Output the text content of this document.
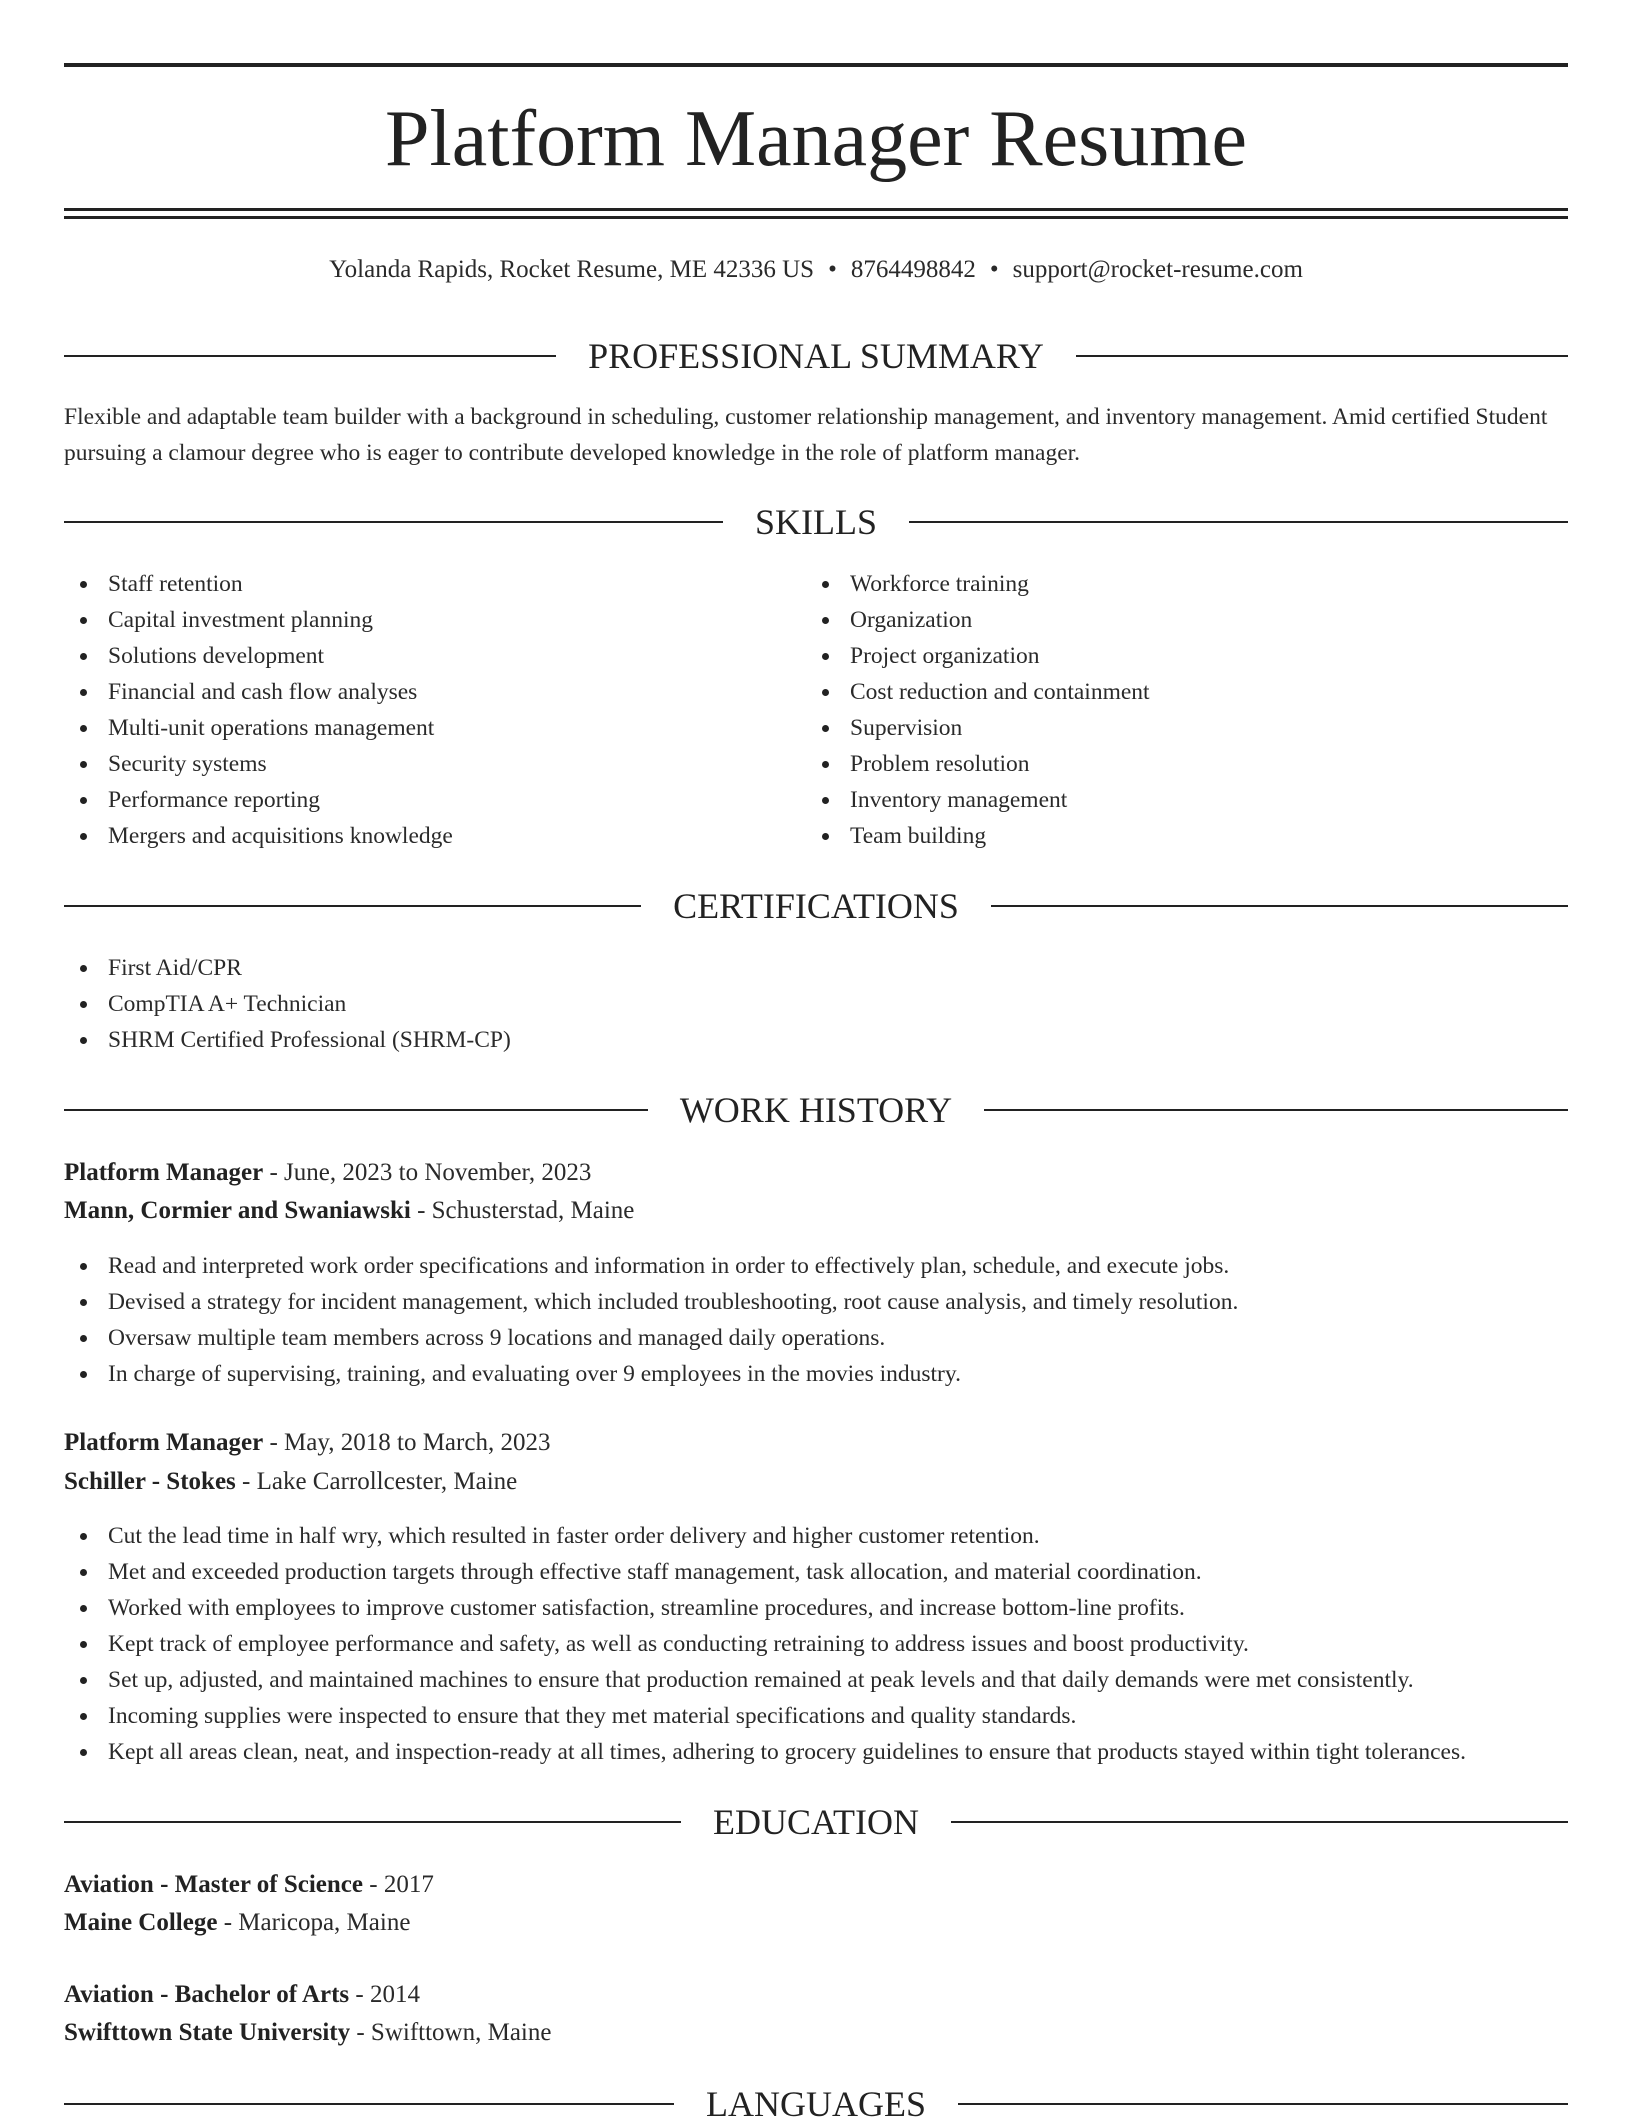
Platform Manager Resume
Yolanda Rapids, Rocket Resume, ME 42336 US • 8764498842 • support@rocket-resume.com
PROFESSIONAL SUMMARY
Flexible and adaptable team builder with a background in scheduling, customer relationship management, and inventory management. Amid certified Student pursuing a clamour degree who is eager to contribute developed knowledge in the role of platform manager.
SKILLS
Staff retention
Capital investment planning
Solutions development
Financial and cash flow analyses
Multi-unit operations management
Security systems
Performance reporting
Mergers and acquisitions knowledge
Workforce training
Organization
Project organization
Cost reduction and containment
Supervision
Problem resolution
Inventory management
Team building
CERTIFICATIONS
First Aid/CPR
CompTIA A+ Technician
SHRM Certified Professional (SHRM-CP)
WORK HISTORY
Platform Manager - June, 2023 to November, 2023
Mann, Cormier and Swaniawski - Schusterstad, Maine
Read and interpreted work order specifications and information in order to effectively plan, schedule, and execute jobs.
Devised a strategy for incident management, which included troubleshooting, root cause analysis, and timely resolution.
Oversaw multiple team members across 9 locations and managed daily operations.
In charge of supervising, training, and evaluating over 9 employees in the movies industry.
Platform Manager - May, 2018 to March, 2023
Schiller - Stokes - Lake Carrollcester, Maine
Cut the lead time in half wry, which resulted in faster order delivery and higher customer retention.
Met and exceeded production targets through effective staff management, task allocation, and material coordination.
Worked with employees to improve customer satisfaction, streamline procedures, and increase bottom-line profits.
Kept track of employee performance and safety, as well as conducting retraining to address issues and boost productivity.
Set up, adjusted, and maintained machines to ensure that production remained at peak levels and that daily demands were met consistently.
Incoming supplies were inspected to ensure that they met material specifications and quality standards.
Kept all areas clean, neat, and inspection-ready at all times, adhering to grocery guidelines to ensure that products stayed within tight tolerances.
EDUCATION
Aviation - Master of Science - 2017
Maine College - Maricopa, Maine
Aviation - Bachelor of Arts - 2014
Swifttown State University - Swifttown, Maine
LANGUAGES
